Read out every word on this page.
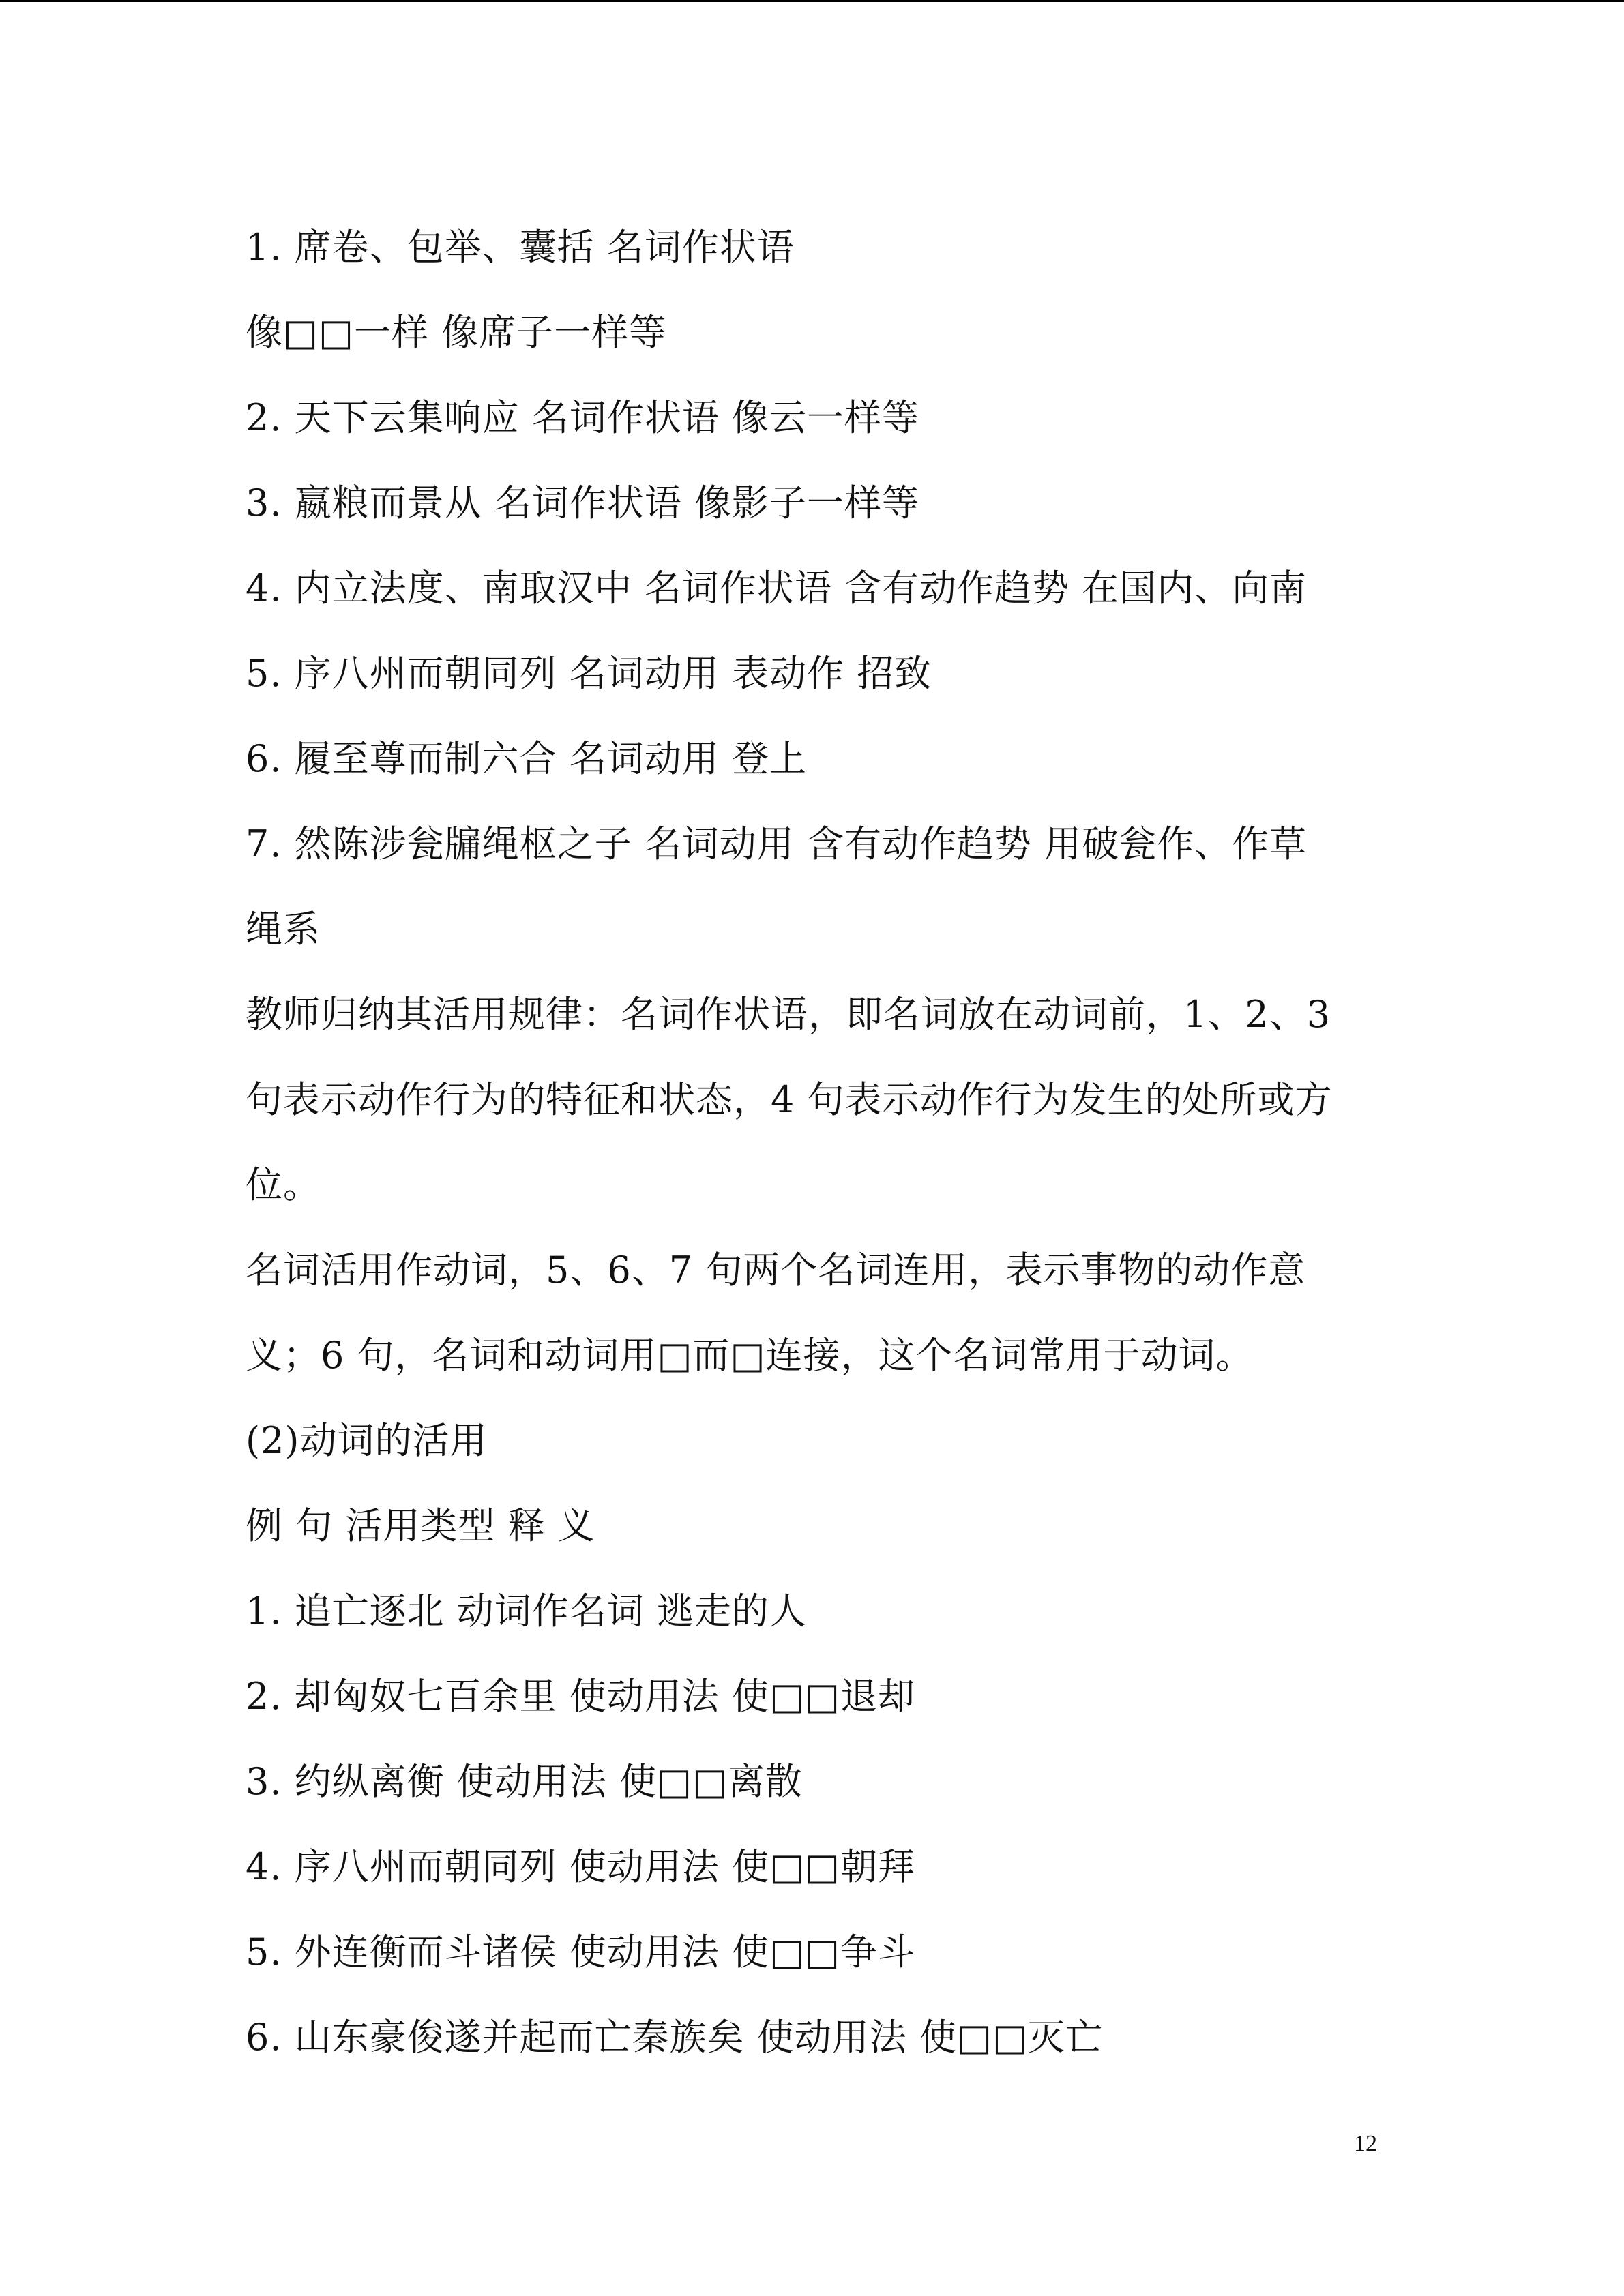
1. 席卷、包举、囊括 名词作状语
像□□一样 像席子一样等
2. 天下云集响应 名词作状语 像云一样等
3. 嬴粮而景从 名词作状语 像影子一样等
4. 内立法度、南取汉中 名词作状语 含有动作趋势 在国内、向南
5. 序八州而朝同列 名词动用 表动作 招致
6. 履至尊而制六合 名词动用 登上
7. 然陈涉瓮牖绳枢之子 名词动用 含有动作趋势 用破瓮作、作草
绳系
教师归纳其活用规律：名词作状语，即名词放在动词前，1、2、3
句表示动作行为的特征和状态，4 句表示动作行为发生的处所或方
位。
名词活用作动词，5、6、7 句两个名词连用，表示事物的动作意
义；6 句，名词和动词用□而□连接，这个名词常用于动词。
(2)动词的活用
例 句 活用类型 释 义
1. 追亡逐北 动词作名词 逃走的人
2. 却匈奴七百余里 使动用法 使□□退却
3. 约纵离衡 使动用法 使□□离散
4. 序八州而朝同列 使动用法 使□□朝拜
5. 外连衡而斗诸侯 使动用法 使□□争斗
6. 山东豪俊遂并起而亡秦族矣 使动用法 使□□灭亡
12
